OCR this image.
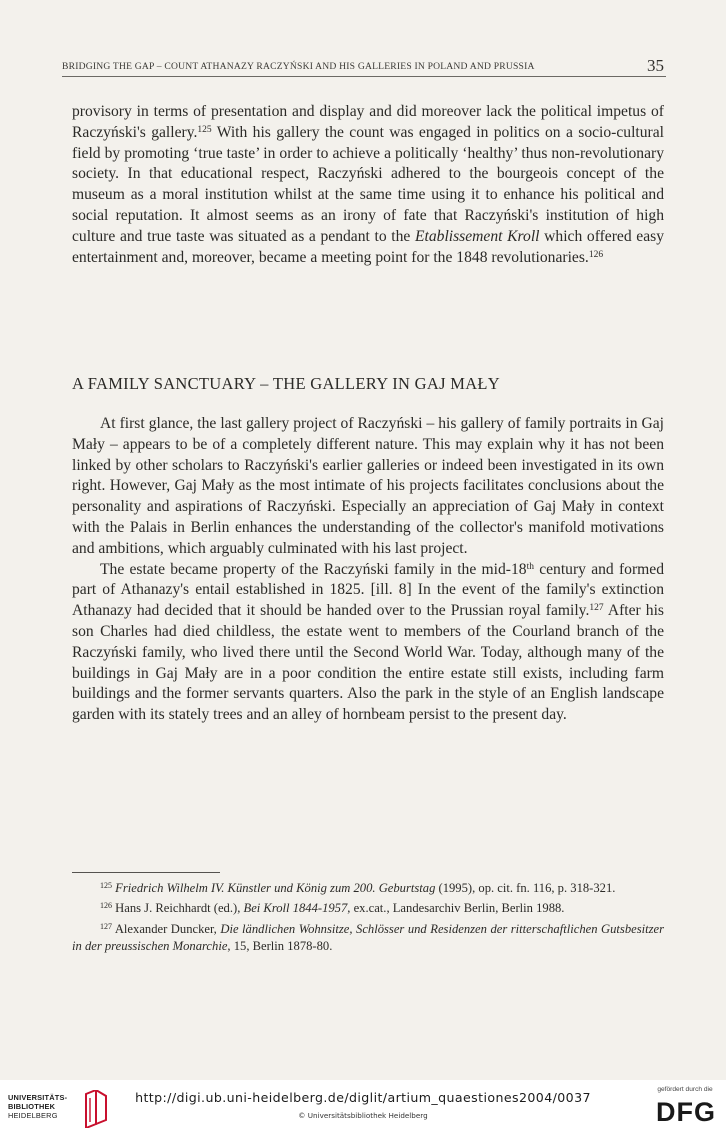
BRIDGING THE GAP – COUNT ATHANAZY RACZYŃSKI AND HIS GALLERIES IN POLAND AND PRUSSIA	35

provisory in terms of presentation and display and did moreover lack the political impetus of Raczyński's gallery.$^{125}$ With his gallery the count was engaged in politics on a socio-cultural field by promoting ‘true taste’ in order to achieve a politically ‘healthy’ thus non-revolutionary society. In that educational respect, Raczyński adhered to the bourgeois concept of the museum as a moral institution whilst at the same time using it to enhance his political and social reputation. It almost seems as an irony of fate that Raczyński's institution of high culture and true taste was situated as a pendant to the Etablissement Kroll which offered easy entertainment and, moreover, became a meeting point for the 1848 revolutionaries.$^{126}$

A FAMILY SANCTUARY – THE GALLERY IN GAJ MAŁY

At first glance, the last gallery project of Raczyński – his gallery of family portraits in Gaj Mały – appears to be of a completely different nature. This may explain why it has not been linked by other scholars to Raczyński's earlier galleries or indeed been investigated in its own right. However, Gaj Mały as the most intimate of his projects facilitates conclusions about the personality and aspirations of Raczyński. Especially an appreciation of Gaj Mały in context with the Palais in Berlin enhances the understanding of the collector's manifold motivations and ambitions, which arguably culminated with his last project.

The estate became property of the Raczyński family in the mid-18th century and formed part of Athanazy's entail established in 1825. [ill. 8] In the event of the family's extinction Athanazy had decided that it should be handed over to the Prussian royal family.$^{127}$ After his son Charles had died childless, the estate went to members of the Courland branch of the Raczyński family, who lived there until the Second World War. Today, although many of the buildings in Gaj Mały are in a poor condition the entire estate still exists, including farm buildings and the former servants quarters. Also the park in the style of an English landscape garden with its stately trees and an alley of hornbeam persist to the present day.

$^{125}$ Friedrich Wilhelm IV. Künstler und König zum 200. Geburtstag (1995), op. cit. fn. 116, p. 318-321.

$^{126}$ Hans J. Reichhardt (ed.), Bei Kroll 1844-1957, ex.cat., Landesarchiv Berlin, Berlin 1988.

$^{127}$ Alexander Duncker, Die ländlichen Wohnsitze, Schlösser und Residenzen der ritterschaftlichen Gutsbesitzer in der preussischen Monarchie, 15, Berlin 1878-80.

UNIVERSITÄTS-
BIBLIOTHEK
HEIDELBERG
http://digi.ub.uni-heidelberg.de/diglit/artium_quaestiones2004/0037
© Universitätsbibliothek Heidelberg
gefördert durch die
DFG
